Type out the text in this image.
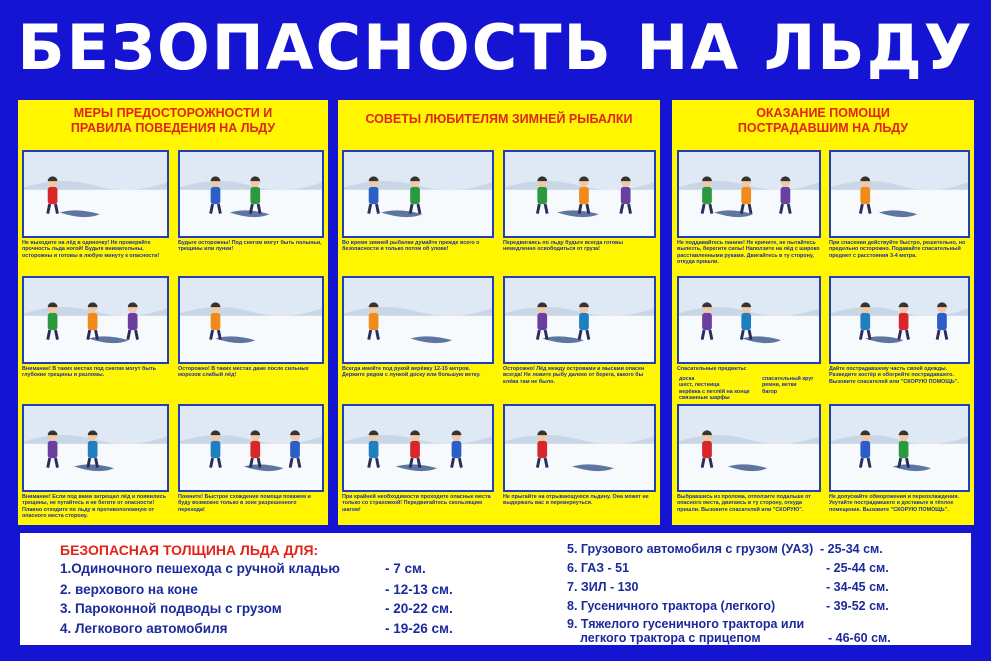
БЕЗОПАСНОСТЬ НА ЛЬДУ
МЕРЫ ПРЕДОСТОРОЖНОСТИ И ПРАВИЛА ПОВЕДЕНИЯ НА ЛЬДУ
СОВЕТЫ ЛЮБИТЕЛЯМ ЗИМНЕЙ РЫБАЛКИ	ОКАЗАНИЕ ПОМОЩИ ПОСТРАДАВШИМ НА ЛЬДУ
Не выходите на лёд в одиночку! Не проверяйте прочность льда ногой! Будьте внимательны, осторожны и готовы в любую минуту к опасности!
Будьте осторожны! Под снегом могут быть полыньи, трещины или лунки!
Внимание! В таких местах под снегом могут быть глубокие трещины и разломы.
Осторожно! В таких местах даже после сильных морозов слабый лёд!
Внимание! Если под вами затрещал лёд и появились трещины, не пугайтесь и не бегите от опасности! Плавно отходите по льду в противоположную от опасного места сторону.
Помните! Быстрое схождение помощи покажем и буду возможно только в зоне разрешенного перехода!
Во время зимней рыбалки думайте прежде всего о безопасности и только потом об улове!
Передвигаясь по льду будьте всегда готовы немедленно освободиться от груза!
Всегда имейте под рукой верёвку 12-15 метров. Держите рядом с лункой доску или большую ветку.
Осторожно! Лёд между островами и мысами опасен всегда! Не ловите рыбу далеко от берега, какого бы клёва там не было.
При крайней необходимости проходите опасные места только со страховкой! Передвигайтесь скользящим шагом!
Не прыгайте на отрывающуюся льдину. Она может не выдержать вас и перевернуться.
Не поддавайтесь панике! Не кричите, не пытайтесь вылезть, берегите силы! Наползите на лёд с широко расставленными руками. Двигайтесь в ту сторону, откуда пришли.
При спасении действуйте быстро, решительно, но предельно осторожно. Подавайте спасательный предмет с расстояния 3-4 метра.
Спасательные предметы:	Дайте пострадавшему часть своей одежды. Разведите костёр и обогрейте пострадавшего. Вызовите спасателей или "СКОРУЮ ПОМОЩЬ".
Выбравшись из пролома, отползите подальше от опасного места, двигаясь в ту сторону, откуда пришли. Вызовите спасателей или "СКОРУЮ".
Не допускайте обморожения и переохлаждения. Укутайте пострадавшего и доставьте в тёплое помещение. Вызовите "СКОРУЮ ПОМОЩЬ".
доска
шест, лестница
верёвка с петлёй на конце
связанные шарфы
спасательный круг
ремни, ветки
багор
БЕЗОПАСНАЯ ТОЛЩИНА ЛЬДА ДЛЯ:
1.Одиночного пешехода с ручной кладью	- 7 см.
2. верхового на коне	- 12-13 см.
3. Пароконной подводы с грузом	- 20-22 см.
4. Легкового автомобиля	- 19-26 см.
5. Грузового автомобиля с грузом (УАЗ) - 25-34 см.
6. ГАЗ - 51	- 25-44 см.
7. ЗИЛ - 130	- 34-45 см.
8. Гусеничного трактора (легкого)	- 39-52 см.
9. Тяжелого гусеничного трактора или
легкого трактора с прицепом	- 46-60 см.
